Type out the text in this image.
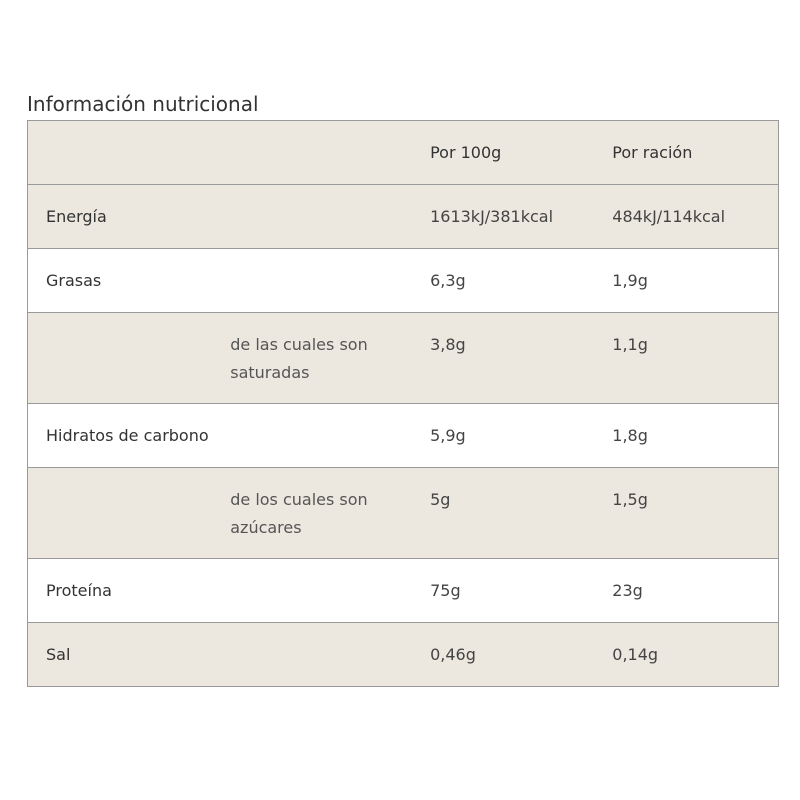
Información nutricional
		Por 100g	Por ración
Energía		1613kJ/381kcal	484kJ/114kcal
Grasas		6,3g	1,9g
	de las cuales son saturadas	3,8g	1,1g
Hidratos de carbono		5,9g	1,8g
	de los cuales son azúcares	5g	1,5g
Proteína		75g	23g
Sal		0,46g	0,14g
